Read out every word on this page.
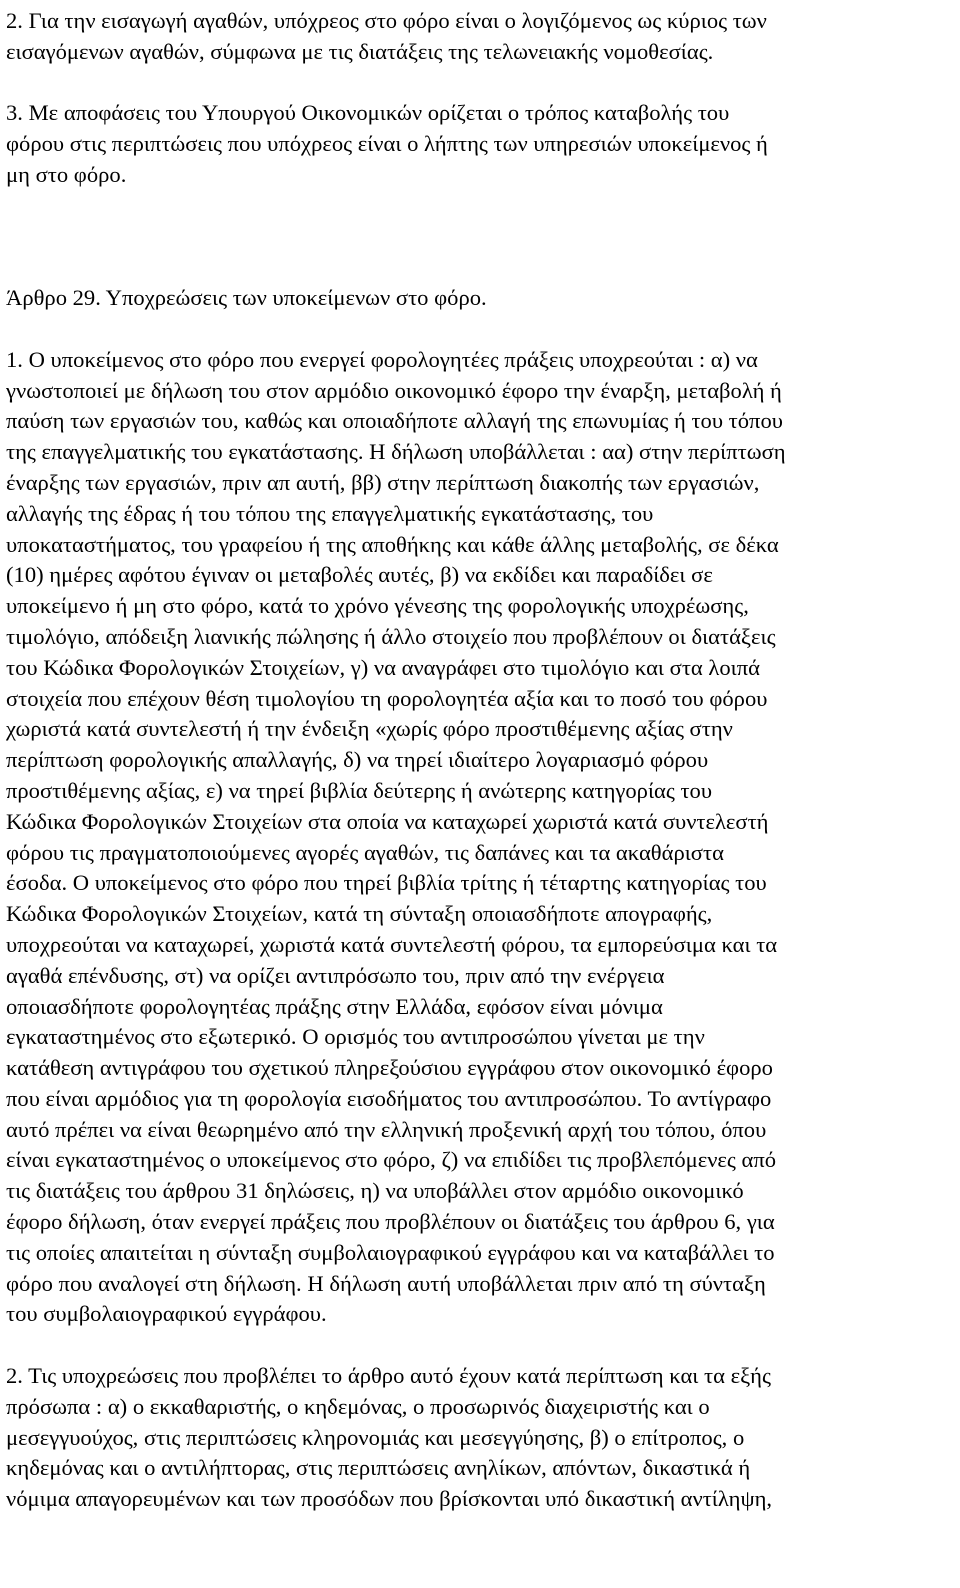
2. Για την εισαγωγή αγαθών, υπόχρεος στο φόρο είναι ο λογιζόμενος ως κύριος των
εισαγόμενων αγαθών, σύμφωνα με τις διατάξεις της τελωνειακής νομοθεσίας.
3. Με αποφάσεις του Υπουργού Οικονομικών ορίζεται ο τρόπος καταβολής του
φόρου στις περιπτώσεις που υπόχρεος είναι ο λήπτης των υπηρεσιών υποκείμενος ή
μη στο φόρο.
Άρθρο 29. Υποχρεώσεις των υποκείμενων στο φόρο.
1. Ο υποκείμενος στο φόρο που ενεργεί φορολογητέες πράξεις υποχρεούται : α) να
γνωστοποιεί με δήλωση του στον αρμόδιο οικονομικό έφορο την έναρξη, μεταβολή ή
παύση των εργασιών του, καθώς και οποιαδήποτε αλλαγή της επωνυμίας ή του τόπου
της επαγγελματικής του εγκατάστασης. Η δήλωση υποβάλλεται : αα) στην περίπτωση
έναρξης των εργασιών, πριν απ αυτή, ββ) στην περίπτωση διακοπής των εργασιών,
αλλαγής της έδρας ή του τόπου της επαγγελματικής εγκατάστασης, του
υποκαταστήματος, του γραφείου ή της αποθήκης και κάθε άλλης μεταβολής, σε δέκα
(10) ημέρες αφότου έγιναν οι μεταβολές αυτές, β) να εκδίδει και παραδίδει σε
υποκείμενο ή μη στο φόρο, κατά το χρόνο γένεσης της φορολογικής υποχρέωσης,
τιμολόγιο, απόδειξη λιανικής πώλησης ή άλλο στοιχείο που προβλέπουν οι διατάξεις
του Κώδικα Φορολογικών Στοιχείων, γ) να αναγράφει στο τιμολόγιο και στα λοιπά
στοιχεία που επέχουν θέση τιμολογίου τη φορολογητέα αξία και το ποσό του φόρου
χωριστά κατά συντελεστή ή την ένδειξη «χωρίς φόρο προστιθέμενης αξίας στην
περίπτωση φορολογικής απαλλαγής, δ) να τηρεί ιδιαίτερο λογαριασμό φόρου
προστιθέμενης αξίας, ε) να τηρεί βιβλία δεύτερης ή ανώτερης κατηγορίας του
Κώδικα Φορολογικών Στοιχείων στα οποία να καταχωρεί χωριστά κατά συντελεστή
φόρου τις πραγματοποιούμενες αγορές αγαθών, τις δαπάνες και τα ακαθάριστα
έσοδα. Ο υποκείμενος στο φόρο που τηρεί βιβλία τρίτης ή τέταρτης κατηγορίας του
Κώδικα Φορολογικών Στοιχείων, κατά τη σύνταξη οποιασδήποτε απογραφής,
υποχρεούται να καταχωρεί, χωριστά κατά συντελεστή φόρου, τα εμπορεύσιμα και τα
αγαθά επένδυσης, στ) να ορίζει αντιπρόσωπο του, πριν από την ενέργεια
οποιασδήποτε φορολογητέας πράξης στην Ελλάδα, εφόσον είναι μόνιμα
εγκαταστημένος στο εξωτερικό. Ο ορισμός του αντιπροσώπου γίνεται με την
κατάθεση αντιγράφου του σχετικού πληρεξούσιου εγγράφου στον οικονομικό έφορο
που είναι αρμόδιος για τη φορολογία εισοδήματος του αντιπροσώπου. Το αντίγραφο
αυτό πρέπει να είναι θεωρημένο από την ελληνική προξενική αρχή του τόπου, όπου
είναι εγκαταστημένος ο υποκείμενος στο φόρο, ζ) να επιδίδει τις προβλεπόμενες από
τις διατάξεις του άρθρου 31 δηλώσεις, η) να υποβάλλει στον αρμόδιο οικονομικό
έφορο δήλωση, όταν ενεργεί πράξεις που προβλέπουν οι διατάξεις του άρθρου 6, για
τις οποίες απαιτείται η σύνταξη συμβολαιογραφικού εγγράφου και να καταβάλλει το
φόρο που αναλογεί στη δήλωση. Η δήλωση αυτή υποβάλλεται πριν από τη σύνταξη
του συμβολαιογραφικού εγγράφου.
2. Τις υποχρεώσεις που προβλέπει το άρθρο αυτό έχουν κατά περίπτωση και τα εξής
πρόσωπα : α) ο εκκαθαριστής, ο κηδεμόνας, ο προσωρινός διαχειριστής και ο
μεσεγγυούχος, στις περιπτώσεις κληρονομιάς και μεσεγγύησης, β) ο επίτροπος, ο
κηδεμόνας και ο αντιλήπτορας, στις περιπτώσεις ανηλίκων, απόντων, δικαστικά ή
νόμιμα απαγορευμένων και των προσόδων που βρίσκονται υπό δικαστική αντίληψη,
